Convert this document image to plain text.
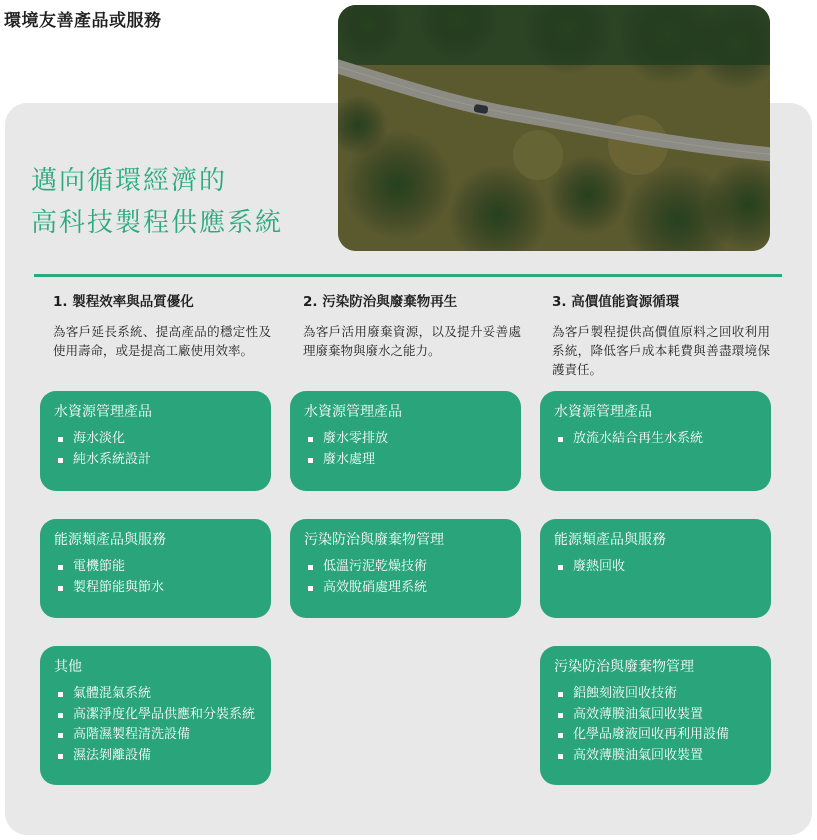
環境友善產品或服務
邁向循環經濟的
高科技製程供應系統
1. 製程效率與品質優化
為客戶延長系統、提高產品的穩定性及使用壽命，或是提高工廠使用效率。
水資源管理產品
海水淡化
純水系統設計
能源類產品與服務
電機節能
製程節能與節水
其他
氣體混氣系統
高潔淨度化學品供應和分裝系統
高階濕製程清洗設備
濕法剝離設備
2. 污染防治與廢棄物再生
為客戶活用廢棄資源，以及提升妥善處理廢棄物與廢水之能力。
水資源管理產品
廢水零排放
廢水處理
污染防治與廢棄物管理
低溫污泥乾燥技術
高效脫硝處理系統
3. 高價值能資源循環
為客戶製程提供高價值原料之回收利用系統，降低客戶成本耗費與善盡環境保護責任。
水資源管理產品
放流水結合再生水系統
能源類產品與服務
廢熱回收
污染防治與廢棄物管理
鋁蝕刻液回收技術
高效薄膜油氣回收裝置
化學品廢液回收再利用設備
高效薄膜油氣回收裝置
